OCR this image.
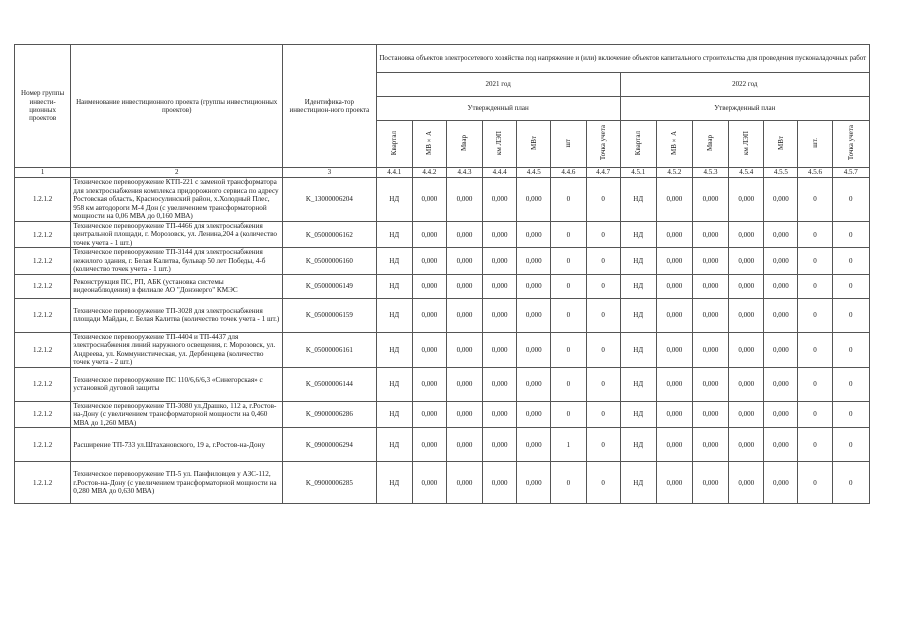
Номер группы инвести-ционных проектов	Наименование инвестиционного проекта (группы инвестиционных проектов)	Идентифика-тор инвестицион-ного проекта	Постановка объектов электросетевого хозяйства под напряжение и (или) включение объектов капитального строительства для проведения пусконаладочных работ													
			2021 год							2022 год						
			Утвержденный план							Утвержденный план						
			Квартал	МВ×А	Мвар	км ЛЭП	МВт	шт	Точка учета	Квартал	МВ×А	Мвар	км ЛЭП	МВт	шт.	Точка учета
1	2	3	4.4.1	4.4.2	4.4.3	4.4.4	4.4.5	4.4.6	4.4.7	4.5.1	4.5.2	4.5.3	4.5.4	4.5.5	4.5.6	4.5.7
1.2.1.2	Техническое перевооружение КТП-221 с заменой трансформатора для электроснабжения комплекса придорожного сервиса по адресу Ростовская область, Красносулинский район, х.Холодный Плес, 958 км автодороги М-4 Дон (с увеличением трансформаторной мощности на 0,06 МВА до 0,160 МВА)	K_13000006204	НД	0,000	0,000	0,000	0,000	0	0	НД	0,000	0,000	0,000	0,000	0	0
1.2.1.2	Техническое перевооружение ТП-4466 для электроснабжения центральной площади, г. Морозовск, ул. Ленина,204 а (количество точек учета - 1 шт.)	K_05000006162	НД	0,000	0,000	0,000	0,000	0	0	НД	0,000	0,000	0,000	0,000	0	0
1.2.1.2	Техническое перевооружение ТП-3144 для электроснабжения нежилого здания, г. Белая Калитва, бульвар 50 лет Победы, 4-б (количество точек учета - 1 шт.)	K_05000006160	НД	0,000	0,000	0,000	0,000	0	0	НД	0,000	0,000	0,000	0,000	0	0
1.2.1.2	Реконструкция ПС, РП, АБК (установка системы видеонаблюдения) в филиале АО "Донэнерго" КМЭС	K_05000006149	НД	0,000	0,000	0,000	0,000	0	0	НД	0,000	0,000	0,000	0,000	0	0
1.2.1.2	Техническое перевооружение ТП-3028 для электроснабжения площади Майдан, г. Белая Калитва (количество точек учета - 1 шт.)	K_05000006159	НД	0,000	0,000	0,000	0,000	0	0	НД	0,000	0,000	0,000	0,000	0	0
1.2.1.2	Техническое перевооружение ТП-4404 и ТП-4437 для электроснабжения линий наружного освещения, г. Морозовск, ул. Андреева, ул. Коммунистическая, ул. Дербенцева (количество точек учета - 2 шт.)	K_05000006161	НД	0,000	0,000	0,000	0,000	0	0	НД	0,000	0,000	0,000	0,000	0	0
1.2.1.2	Техническое перевооружение ПС 110/6,6/6,3 «Синегорская» с установкой дуговой защиты	K_05000006144	НД	0,000	0,000	0,000	0,000	0	0	НД	0,000	0,000	0,000	0,000	0	0
1.2.1.2	Техническое перевооружение ТП-3080 ул.Драшко, 112 а, г.Ростов-на-Дону (с увеличением трансформаторной мощности на 0,460 МВА до 1,260 МВА)	K_09000006286	НД	0,000	0,000	0,000	0,000	0	0	НД	0,000	0,000	0,000	0,000	0	0
1.2.1.2	Расширение ТП-733 ул.Штахановского, 19 а, г.Ростов-на-Дону	K_09000006294	НД	0,000	0,000	0,000	0,000	1	0	НД	0,000	0,000	0,000	0,000	0	0
1.2.1.2	Техническое перевооружение ТП-5 ул. Панфиловцев у АЗС-112, г.Ростов-на-Дону (с увеличением трансформаторной мощности на 0,280 МВА до 0,630 МВА)	K_09000006285	НД	0,000	0,000	0,000	0,000	0	0	НД	0,000	0,000	0,000	0,000	0	0
